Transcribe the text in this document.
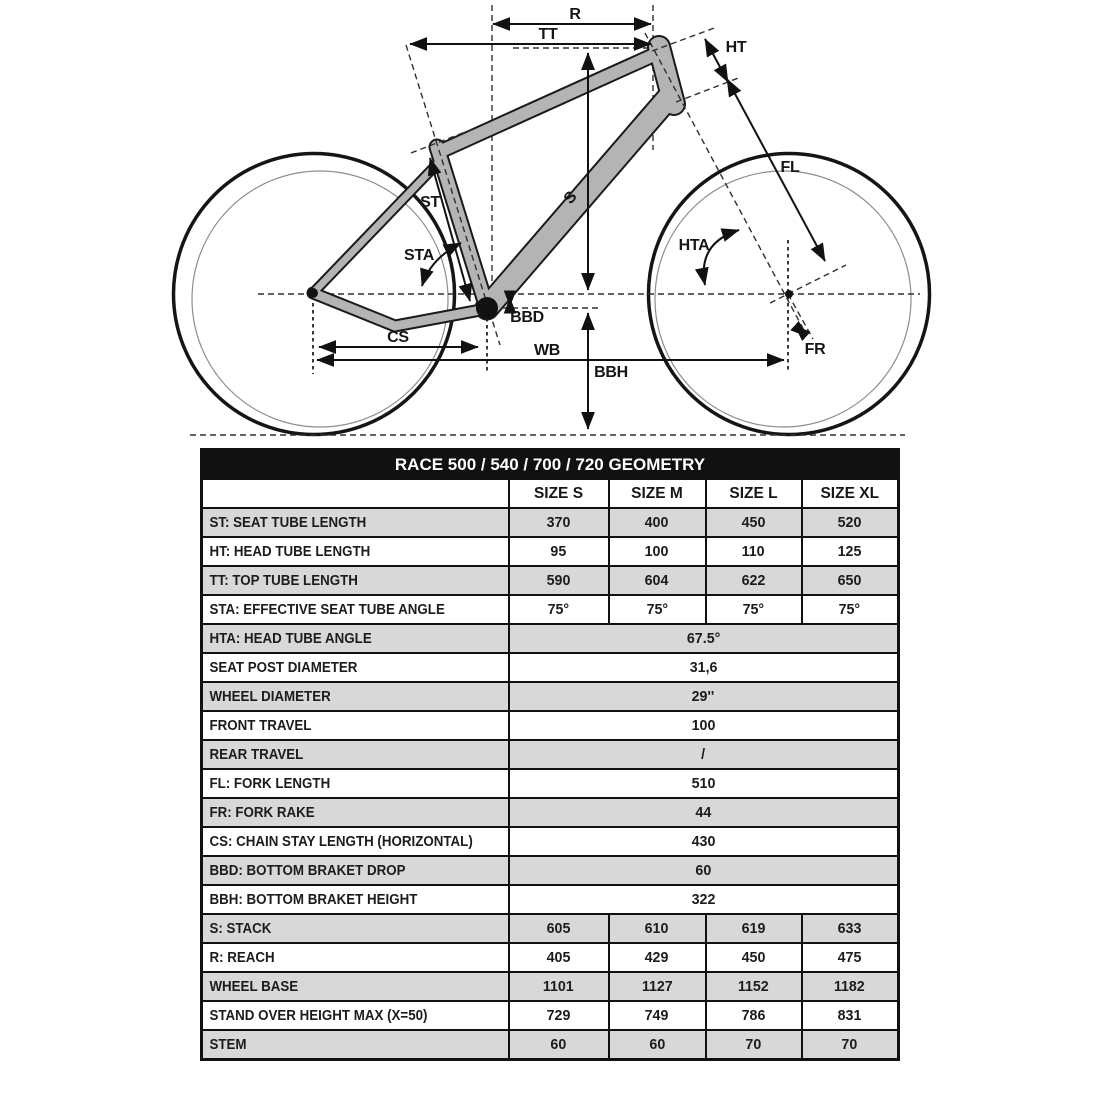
R
TT
HT
ST
STA
S
FL
HTA
BBD
CS
WB
BBH
FR
RACE 500 / 540 / 700 / 720 GEOMETRY				
	SIZE S	SIZE M	SIZE L	SIZE XL
ST: SEAT TUBE LENGTH	370	400	450	520
HT: HEAD TUBE LENGTH	95	100	110	125
TT: TOP TUBE LENGTH	590	604	622	650
STA: EFFECTIVE SEAT TUBE ANGLE	75°	75°	75°	75°
HTA: HEAD TUBE ANGLE	67.5°			
SEAT POST DIAMETER	31,6			
WHEEL DIAMETER	29''			
FRONT TRAVEL	100			
REAR TRAVEL	/			
FL: FORK LENGTH	510			
FR: FORK RAKE	44			
CS: CHAIN STAY LENGTH (HORIZONTAL)	430			
BBD: BOTTOM BRAKET DROP	60			
BBH: BOTTOM BRAKET HEIGHT	322			
S: STACK	605	610	619	633
R: REACH	405	429	450	475
WHEEL BASE	1101	1127	1152	1182
STAND OVER HEIGHT MAX (X=50)	729	749	786	831
STEM	60	60	70	70
